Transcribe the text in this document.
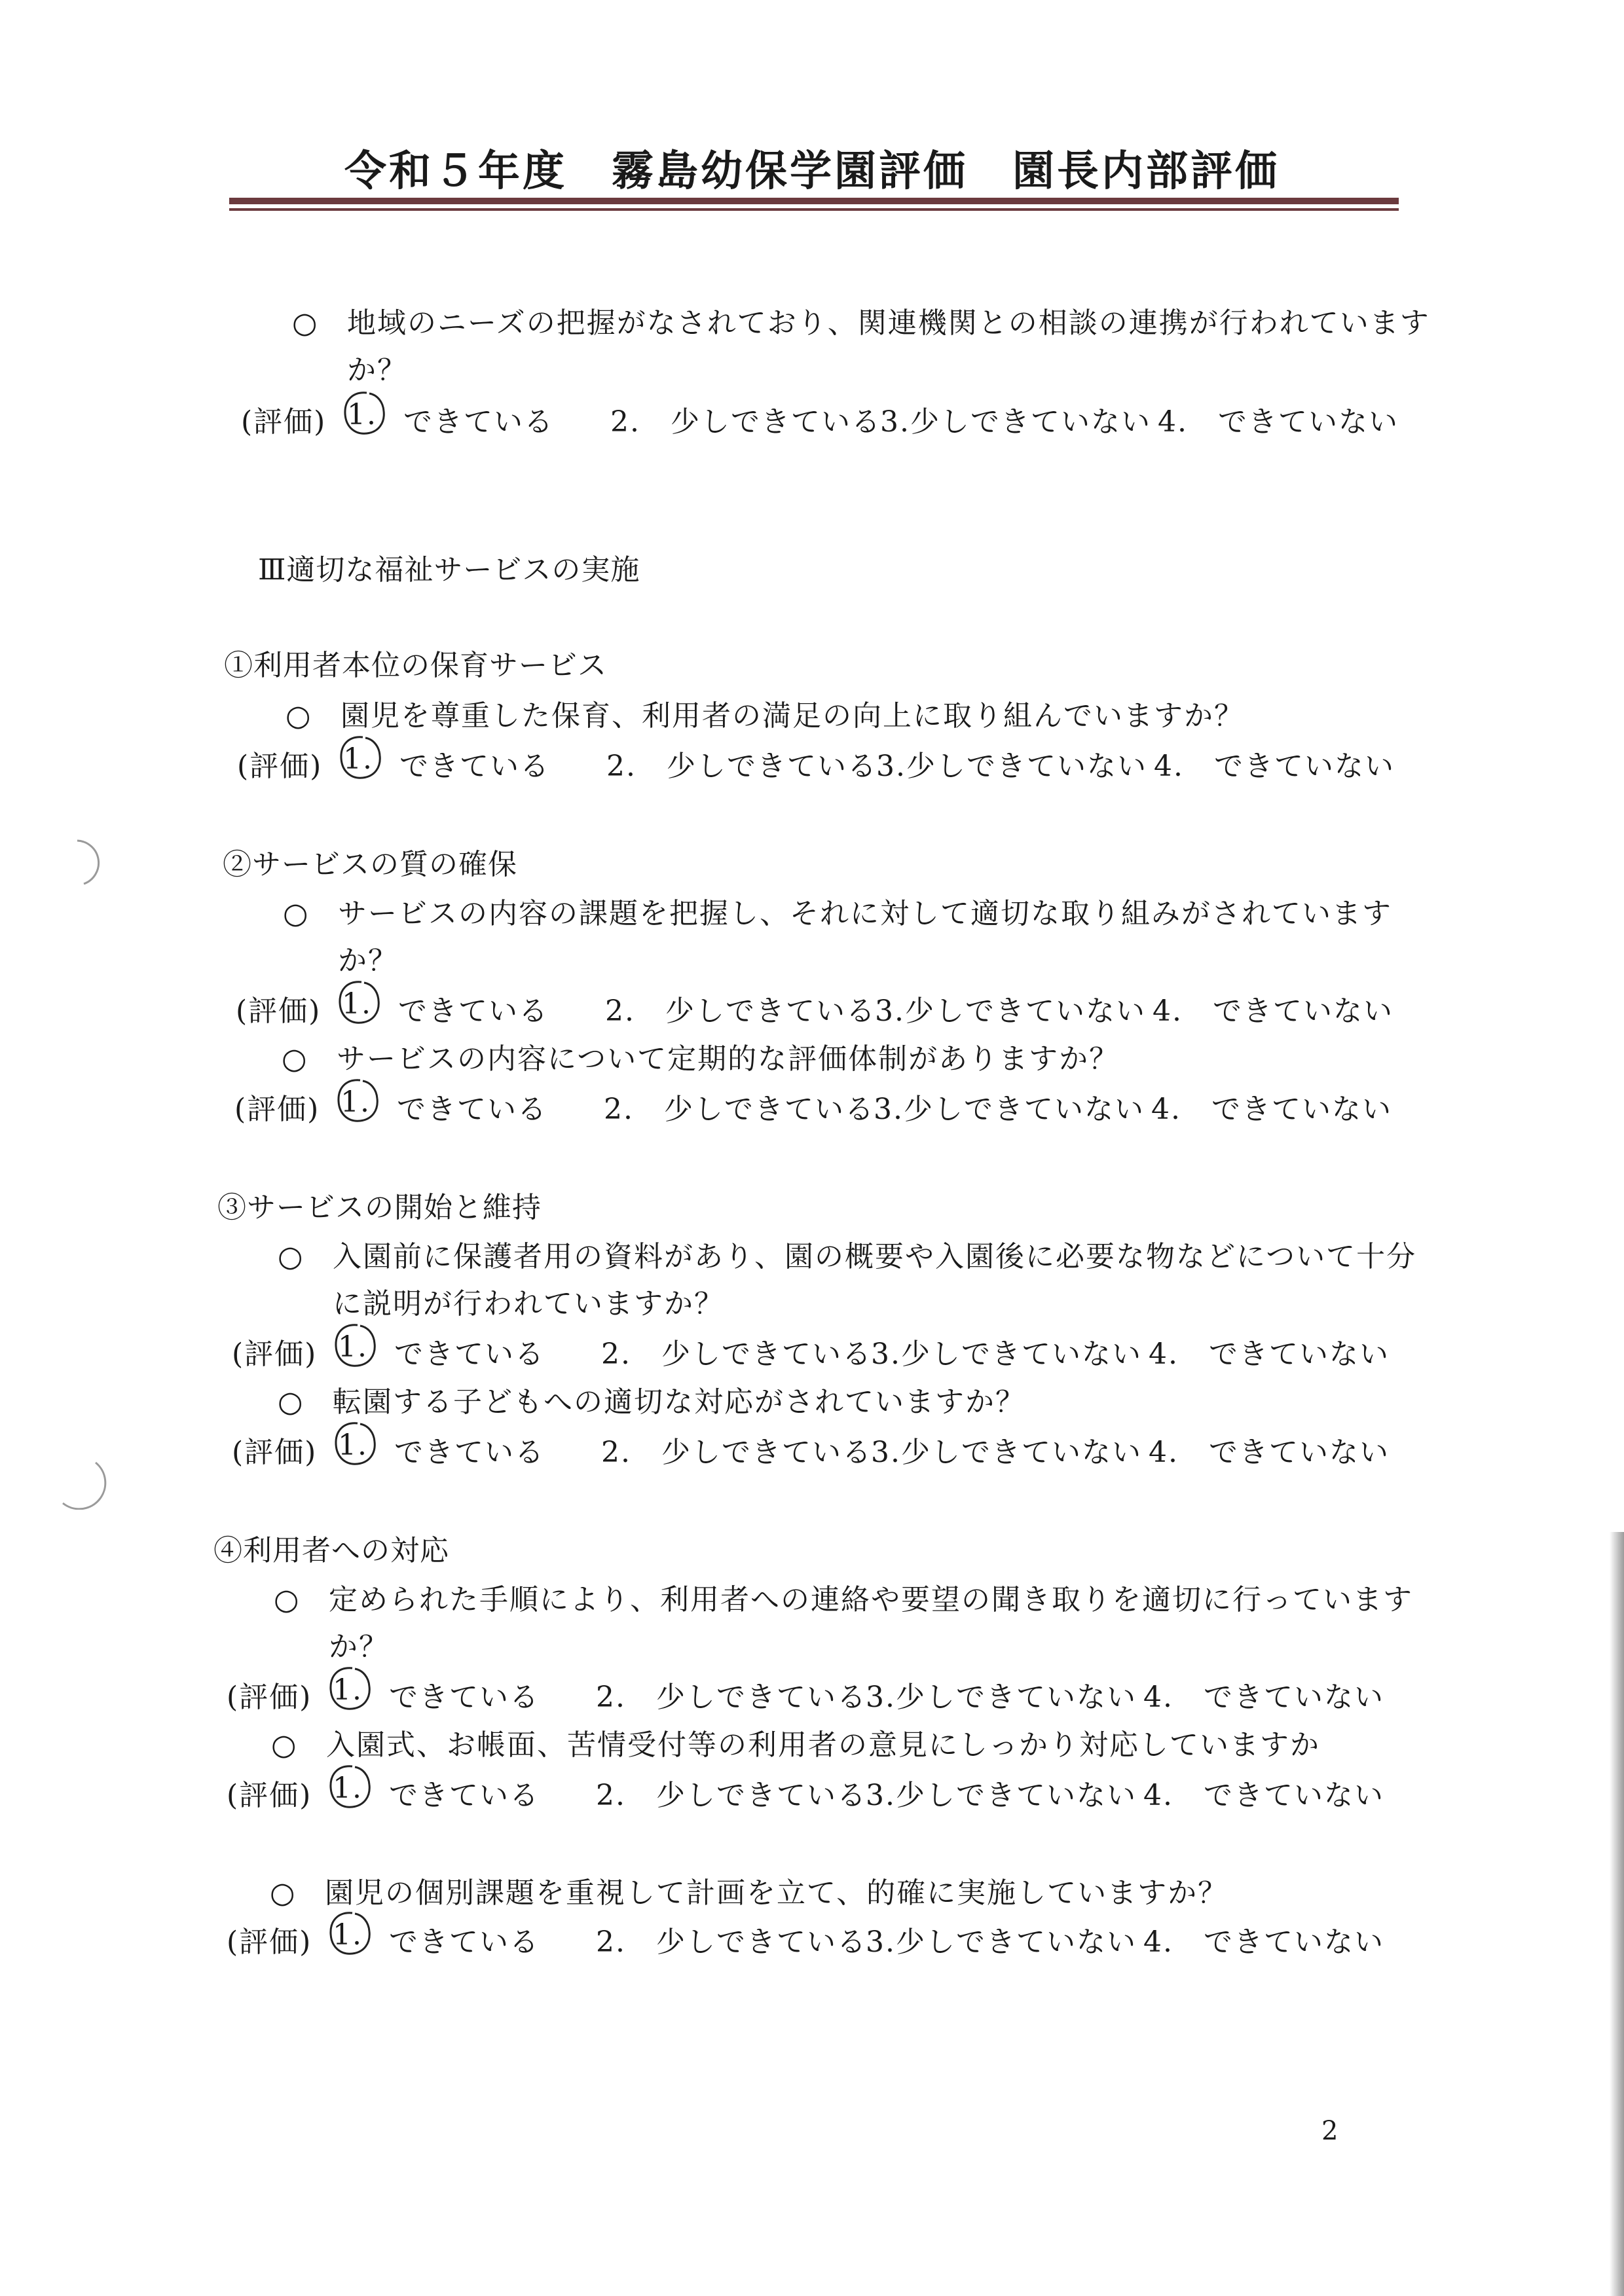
令和５年度　霧島幼保学園評価　園長内部評価
○ 地域のニーズの把握がなされており、関連機関との相談の連携が行われていますか？
(評価) 1. できている 2.　少しできている
3.少しできていない 4.　できていない
Ⅲ適切な福祉サービスの実施
①利用者本位の保育サービス
○ 園児を尊重した保育、利用者の満足の向上に取り組んでいますか？
(評価) 1. できている 2.　少しできている
3.少しできていない 4.　できていない
②サービスの質の確保
○ サービスの内容の課題を把握し、それに対して適切な取り組みがされていますか？
(評価) 1. できている 2.　少しできている
3.少しできていない 4.　できていない
○ サービスの内容について定期的な評価体制がありますか？
(評価) 1. できている 2.　少しできている
3.少しできていない 4.　できていない
③サービスの開始と維持
○ 入園前に保護者用の資料があり、園の概要や入園後に必要な物などについて十分に説明が行われていますか？
(評価) 1. できている 2.　少しできている
3.少しできていない 4.　できていない
○ 転園する子どもへの適切な対応がされていますか？
(評価) 1. できている 2.　少しできている
3.少しできていない 4.　できていない
④利用者への対応
○ 定められた手順により、利用者への連絡や要望の聞き取りを適切に行っていますか？
(評価) 1. できている 2.　少しできている
3.少しできていない 4.　できていない
○ 入園式、お帳面、苦情受付等の利用者の意見にしっかり対応していますか
(評価) 1. できている 2.　少しできている
3.少しできていない 4.　できていない
○ 園児の個別課題を重視して計画を立て、的確に実施していますか？
(評価) 1. できている 2.　少しできている
3.少しできていない 4.　できていない
2
